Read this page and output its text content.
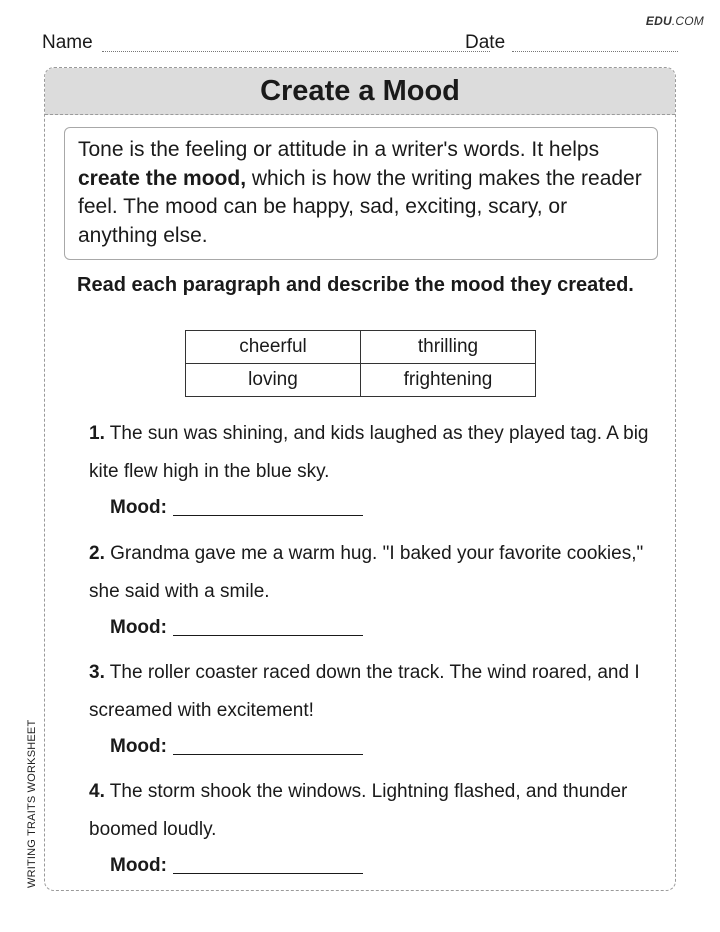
EDU.COM
Name	Date
Create a Mood
Tone is the feeling or attitude in a writer's words. It helps create the mood, which is how the writing makes the reader feel. The mood can be happy, sad, exciting, scary, or anything else.
Read each paragraph and describe the mood they created.
cheerful	thrilling
loving	frightening
1. The sun was shining, and kids laughed as they played tag. A big kite flew high in the blue sky.
Mood:
2. Grandma gave me a warm hug. "I baked your favorite cookies," she said with a smile.
Mood:
3. The roller coaster raced down the track. The wind roared, and I screamed with excitement!
Mood:
4. The storm shook the windows. Lightning flashed, and thunder boomed loudly.
Mood:
WRITING TRAITS WORKSHEET
